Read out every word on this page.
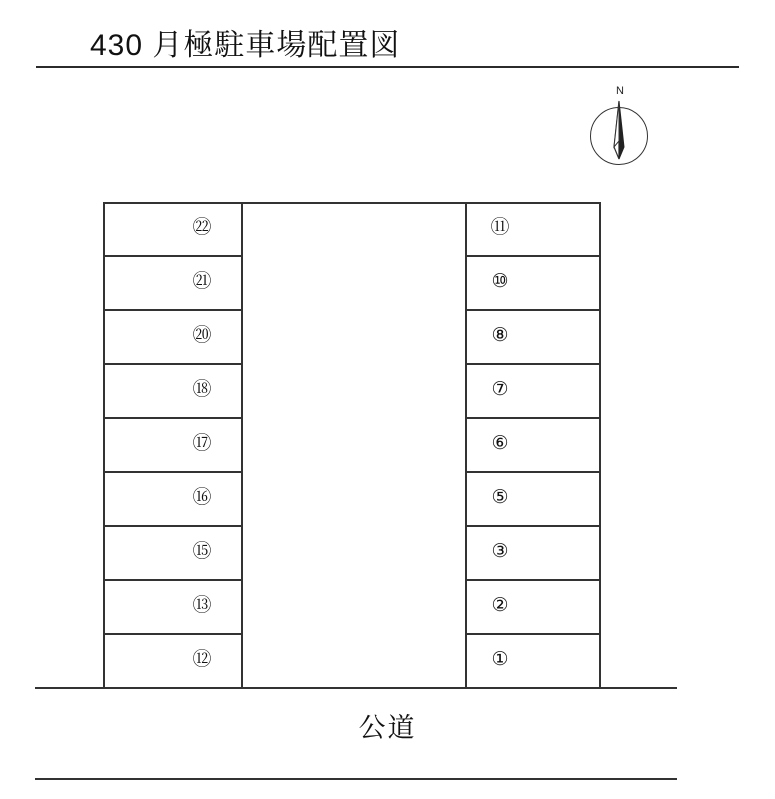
430 月極駐車場配置図
N
㉒
㉑
⑳
⑱
⑰
⑯
⑮
⑬
⑫
⑪
⑩
⑧
⑦
⑥
⑤
③
②
①
公道
